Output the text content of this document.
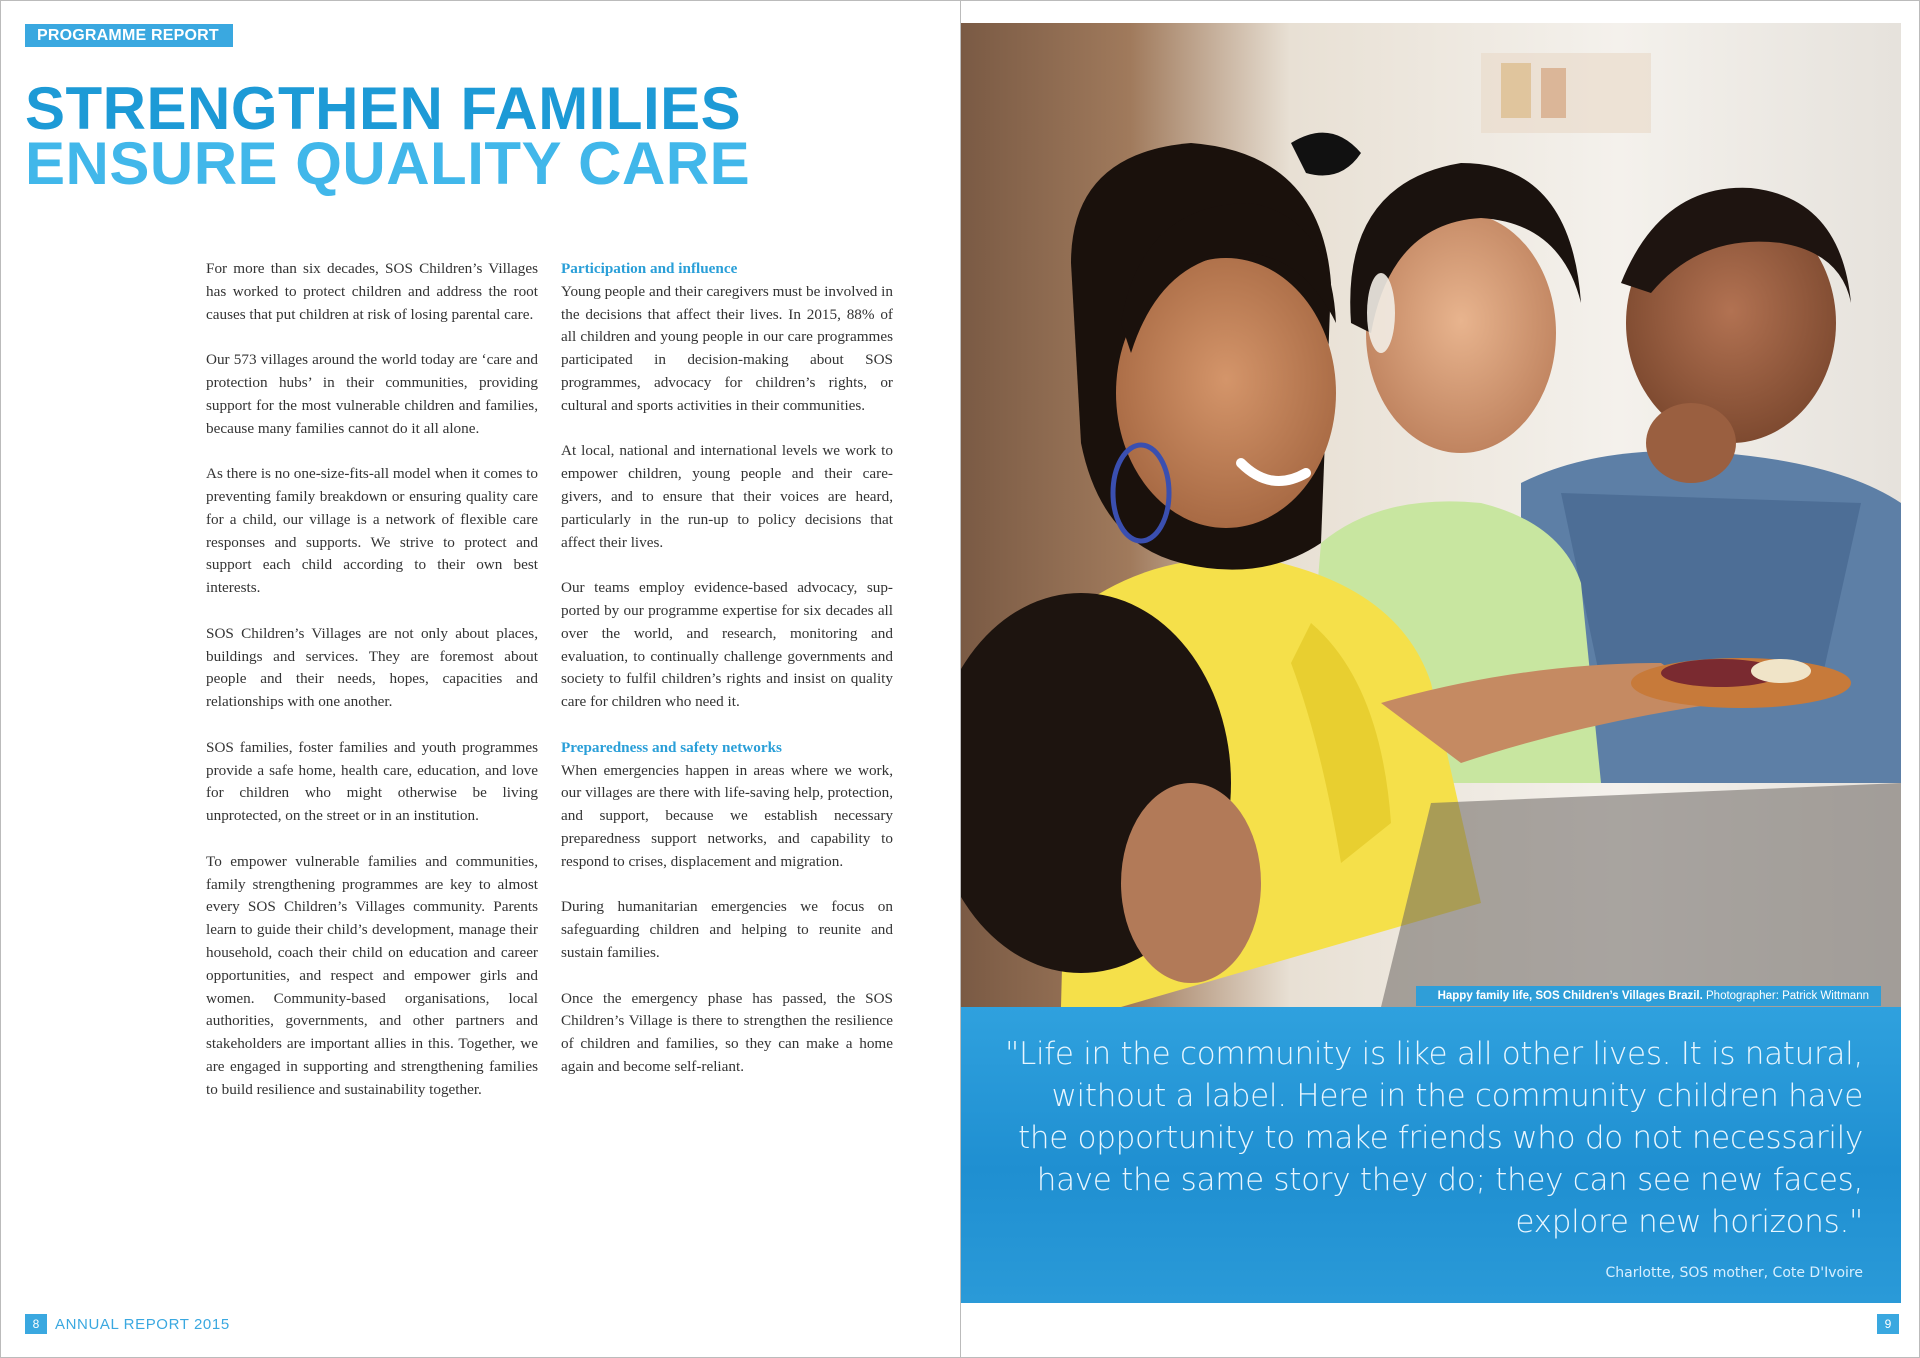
PROGRAMME REPORT
STRENGTHEN FAMILIES
ENSURE QUALITY CARE

For more than six decades, SOS Children’s Villages has worked to protect children and address the root causes that put children at risk of losing parental care.

Our 573 villages around the world today are ‘care and protection hubs’ in their communities, providing support for the most vulnerable children and families, because many families cannot do it all alone.

As there is no one-size-fits-all model when it comes to preventing family breakdown or ensuring quality care for a child, our village is a network of flexible care responses and supports. We strive to protect and support each child according to their own best interests.

SOS Children’s Villages are not only about places, buildings and services. They are foremost about people and their needs, hopes, capacities and relationships with one another.

SOS families, foster families and youth programmes provide a safe home, health care, education, and love for children who might otherwise be living unprotected, on the street or in an institution.

To empower vulnerable families and communities, family strengthening programmes are key to almost every SOS Children’s Villages community. Parents learn to guide their child’s development, manage their household, coach their child on education and career opportunities, and respect and empower girls and women. Community-based organisations, local authorities, governments, and other partners and stakeholders are important allies in this. Together, we are engaged in supporting and strengthening families to build resilience and sustainability together.

Participation and influence

Young people and their caregivers must be involved in the decisions that affect their lives. In 2015, 88% of all children and young people in our care programmes participated in decision-making about SOS programmes, advocacy for children’s rights, or cultural and sports activities in their communities.

At local, national and international levels we work to empower children, young people and their care-givers, and to ensure that their voices are heard, particularly in the run-up to policy decisions that affect their lives.

Our teams employ evidence-based advocacy, sup-ported by our programme expertise for six decades all over the world, and research, monitoring and evaluation, to continually challenge governments and society to fulfil children’s rights and insist on quality care for children who need it.

Preparedness and safety networks

When emergencies happen in areas where we work, our villages are there with life-saving help, protection, and support, because we establish necessary preparedness support networks, and capability to respond to crises, displacement and migration.

During humanitarian emergencies we focus on safeguarding children and helping to reunite and sustain families.

Once the emergency phase has passed, the SOS Children’s Village is there to strengthen the resilience of children and families, so they can make a home again and become self-reliant.

8	ANNUAL REPORT 2015
Happy family life, SOS Children’s Villages Brazil. Photographer: Patrick Wittmann

"Life in the community is like all other lives. It is natural, without a label. Here in the community children have the opportunity to make friends who do not necessarily have the same story they do; they can see new faces, explore new horizons."

Charlotte, SOS mother, Cote D'Ivoire

9
